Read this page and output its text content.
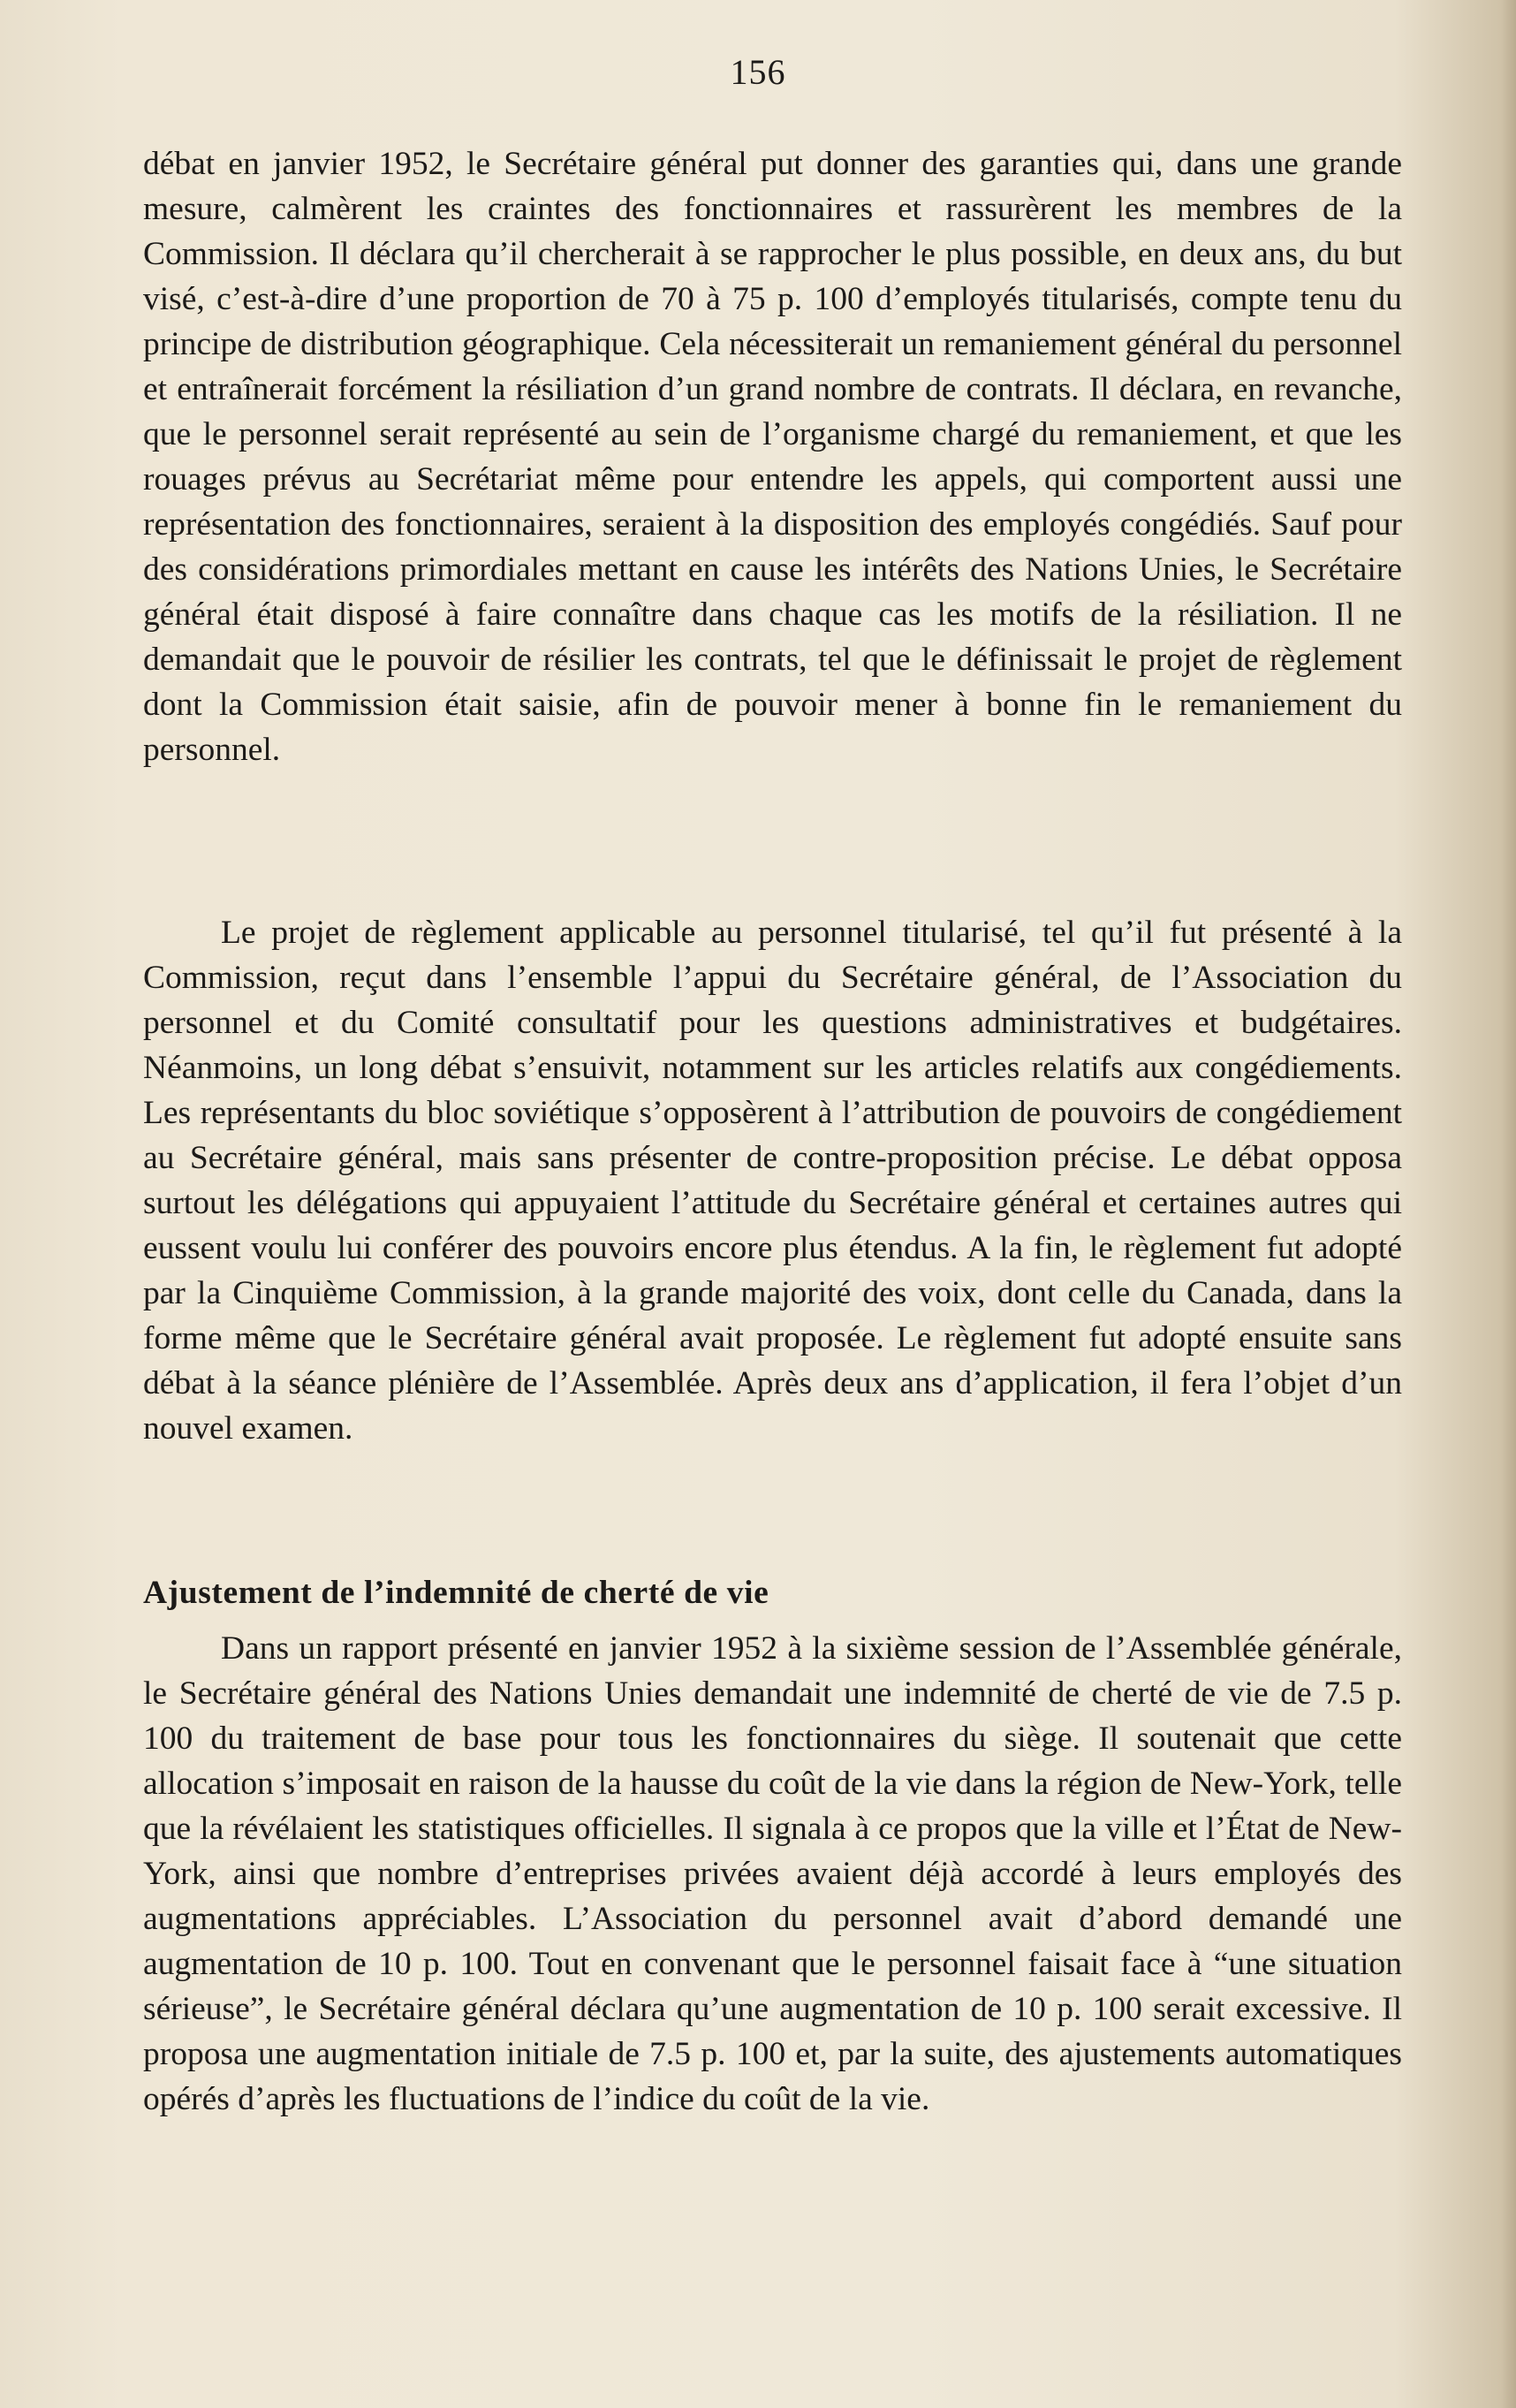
156

débat en janvier 1952, le Secrétaire général put donner des garanties qui, dans une grande mesure, calmèrent les craintes des fonctionnaires et rassurèrent les membres de la Commission. Il déclara qu’il chercherait à se rapprocher le plus possible, en deux ans, du but visé, c’est-à-dire d’une proportion de 70 à 75 p. 100 d’employés titularisés, compte tenu du principe de distribution géographique. Cela nécessiterait un remaniement général du personnel et entraînerait forcément la résiliation d’un grand nombre de contrats. Il déclara, en revanche, que le personnel serait représenté au sein de l’organisme chargé du remaniement, et que les rouages prévus au Secrétariat même pour entendre les appels, qui comportent aussi une représentation des fonctionnaires, seraient à la disposition des employés congédiés. Sauf pour des considérations primordiales mettant en cause les intérêts des Nations Unies, le Secrétaire général était disposé à faire connaître dans chaque cas les motifs de la résiliation. Il ne demandait que le pouvoir de résilier les contrats, tel que le définissait le projet de règlement dont la Commission était saisie, afin de pouvoir mener à bonne fin le remaniement du personnel.

Le projet de règlement applicable au personnel titularisé, tel qu’il fut présenté à la Commission, reçut dans l’ensemble l’appui du Secrétaire général, de l’Association du personnel et du Comité consultatif pour les questions administratives et budgétaires. Néanmoins, un long débat s’ensuivit, notamment sur les articles relatifs aux congédiements. Les représentants du bloc soviétique s’opposèrent à l’attribution de pouvoirs de congédiement au Secrétaire général, mais sans présenter de contre-proposition précise. Le débat opposa surtout les délégations qui appuyaient l’attitude du Secrétaire général et certaines autres qui eussent voulu lui conférer des pouvoirs encore plus étendus. A la fin, le règlement fut adopté par la Cinquième Commission, à la grande majorité des voix, dont celle du Canada, dans la forme même que le Secrétaire général avait proposée. Le règlement fut adopté ensuite sans débat à la séance plénière de l’Assemblée. Après deux ans d’application, il fera l’objet d’un nouvel examen.

Ajustement de l’indemnité de cherté de vie

Dans un rapport présenté en janvier 1952 à la sixième session de l’Assemblée générale, le Secrétaire général des Nations Unies demandait une indemnité de cherté de vie de 7.5 p. 100 du traitement de base pour tous les fonctionnaires du siège. Il soutenait que cette allocation s’imposait en raison de la hausse du coût de la vie dans la région de New-York, telle que la révélaient les statistiques officielles. Il signala à ce propos que la ville et l’État de New-York, ainsi que nombre d’entreprises privées avaient déjà accordé à leurs employés des augmentations appréciables. L’Association du personnel avait d’abord demandé une augmentation de 10 p. 100. Tout en convenant que le personnel faisait face à “une situation sérieuse”, le Secrétaire général déclara qu’une augmentation de 10 p. 100 serait excessive. Il proposa une augmentation initiale de 7.5 p. 100 et, par la suite, des ajustements automatiques opérés d’après les fluctuations de l’indice du coût de la vie.
